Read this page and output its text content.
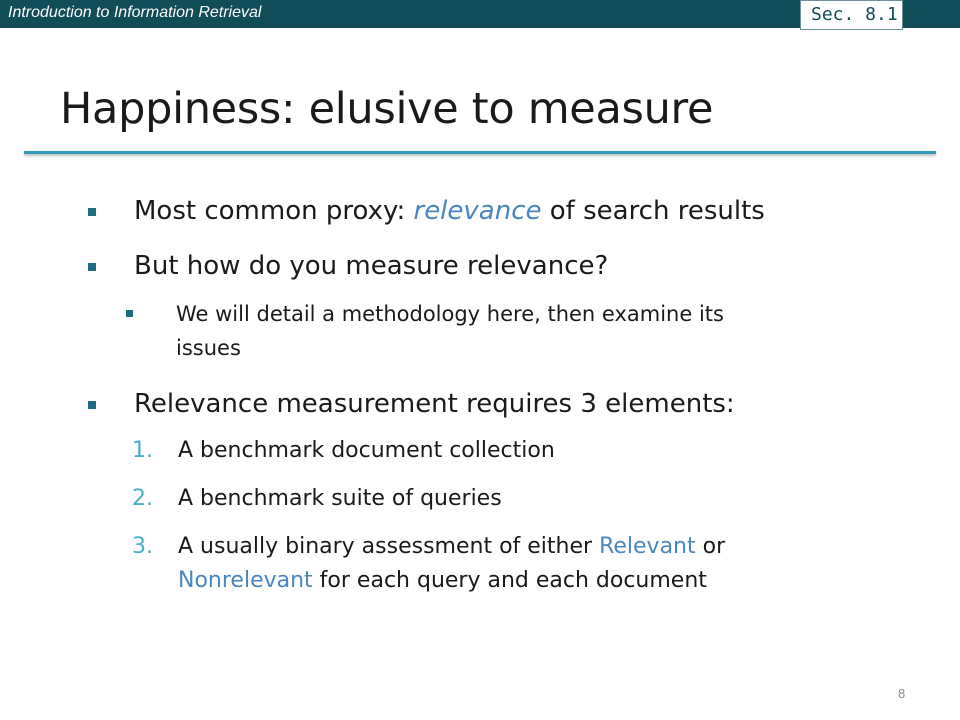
Introduction to Information Retrieval	Sec. 8.1
Happiness: elusive to measure
Most common proxy: relevance of search results
But how do you measure relevance?
We will detail a methodology here, then examine its
issues
Relevance measurement requires 3 elements:
1. A benchmark document collection
2. A benchmark suite of queries
3. A usually binary assessment of either Relevant or
Nonrelevant for each query and each document
8
